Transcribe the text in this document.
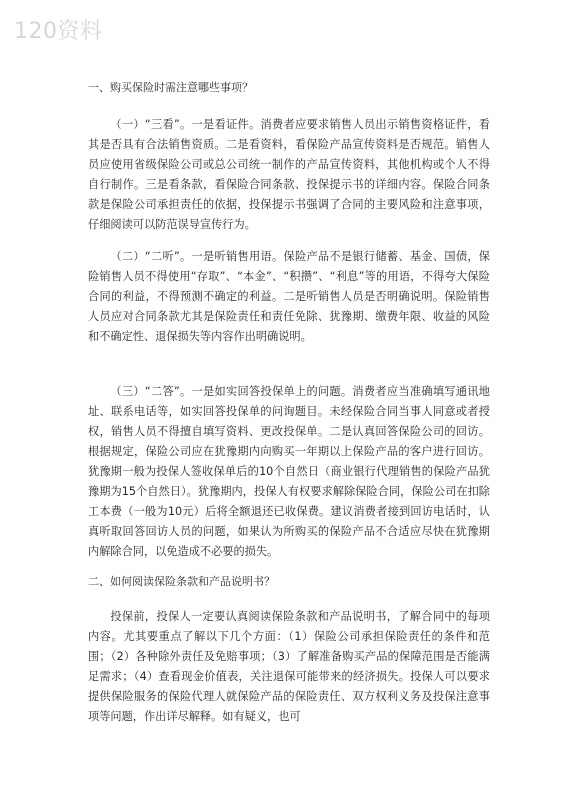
120资料
一、购买保险时需注意哪些事项？
（一）“三看”。一是看证件。消费者应要求销售人员出示销售资格证件，看其是否具有合法销售资质。二是看资料，看保险产品宣传资料是否规范。销售人员应使用省级保险公司或总公司统一制作的产品宣传资料，其他机构或个人不得自行制作。三是看条款，看保险合同条款、投保提示书的详细内容。保险合同条款是保险公司承担责任的依据，投保提示书强调了合同的主要风险和注意事项，仔细阅读可以防范误导宣传行为。
（二）“二听”。一是听销售用语。保险产品不是银行储蓄、基金、国债，保险销售人员不得使用“存取”、“本金”、“积攒”、“利息”等的用语，不得夸大保险合同的利益，不得预测不确定的利益。二是听销售人员是否明确说明。保险销售人员应对合同条款尤其是保险责任和责任免除、犹豫期、缴费年限、收益的风险和不确定性、退保损失等内容作出明确说明。
（三）“二答”。一是如实回答投保单上的问题。消费者应当准确填写通讯地址、联系电话等，如实回答投保单的问询题目。未经保险合同当事人同意或者授权，销售人员不得擅自填写资料、更改投保单。二是认真回答保险公司的回访。根据规定，保险公司应在犹豫期内向购买一年期以上保险产品的客户进行回访。犹豫期一般为投保人签收保单后的10个自然日（商业银行代理销售的保险产品犹豫期为15个自然日）。犹豫期内，投保人有权要求解除保险合同，保险公司在扣除工本费（一般为10元）后将全额退还已收保费。建议消费者接到回访电话时，认真听取回答回访人员的问题，如果认为所购买的保险产品不合适应尽快在犹豫期内解除合同，以免造成不必要的损失。
二、如何阅读保险条款和产品说明书？
投保前，投保人一定要认真阅读保险条款和产品说明书，了解合同中的每项内容。尤其要重点了解以下几个方面：（1）保险公司承担保险责任的条件和范围；（2）各种除外责任及免赔事项；（3）了解准备购买产品的保障范围是否能满足需求；（4）查看现金价值表，关注退保可能带来的经济损失。投保人可以要求提供保险服务的保险代理人就保险产品的保险责任、双方权利义务及投保注意事项等问题，作出详尽解释。如有疑义，也可
